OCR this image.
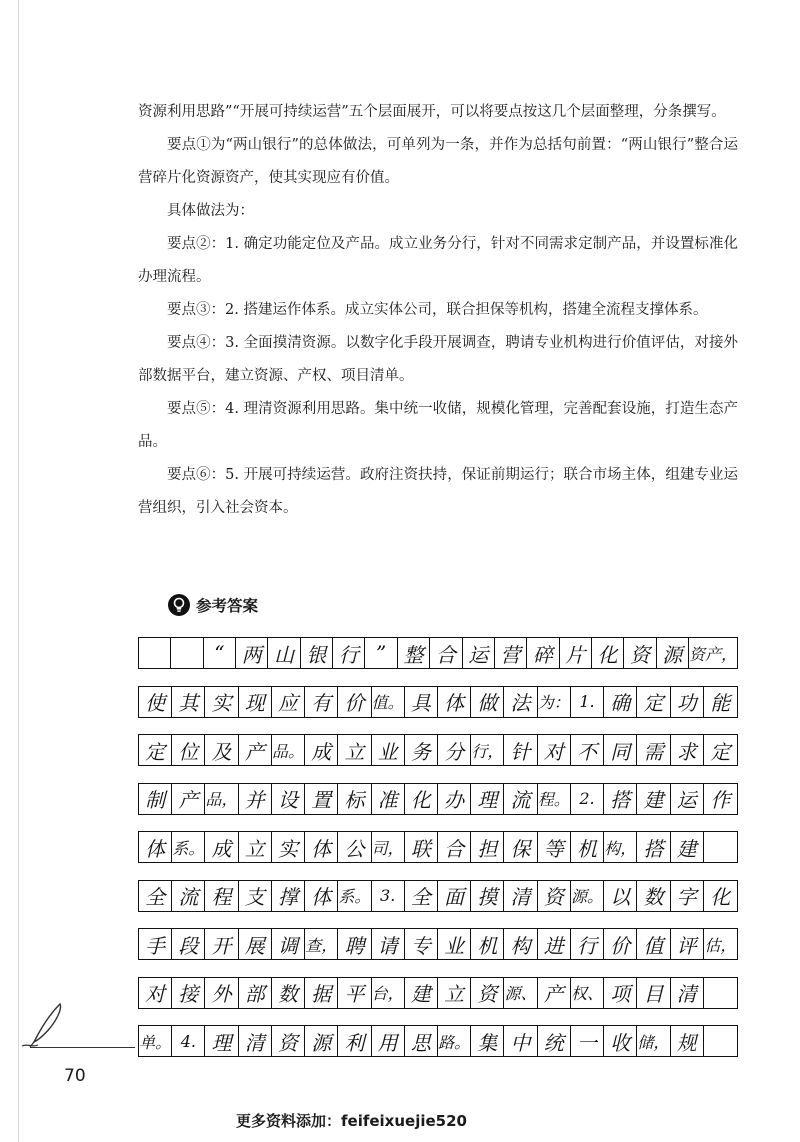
资源利用思路”“开展可持续运营”五个层面展开，可以将要点按这几个层面整理，分条撰写。

要点①为“两山银行”的总体做法，可单列为一条，并作为总括句前置：“两山银行”整合运营碎片化资源资产，使其实现应有价值。

具体做法为：

要点②：1. 确定功能定位及产品。成立业务分行，针对不同需求定制产品，并设置标准化办理流程。

要点③：2. 搭建运作体系。成立实体公司，联合担保等机构，搭建全流程支撑体系。

要点④：3. 全面摸清资源。以数字化手段开展调查，聘请专业机构进行价值评估，对接外部数据平台，建立资源、产权、项目清单。

要点⑤：4. 理清资源利用思路。集中统一收储，规模化管理，完善配套设施，打造生态产品。

要点⑥：5. 开展可持续运营。政府注资扶持，保证前期运行；联合市场主体，组建专业运营组织，引入社会资本。

参考答案
“ 两 山 银 行 ” 整 合 运 营 碎 片 化 资 源 资产，
使 其 实 现 应 有 价 值。 具 体 做 法 为： 1. 确 定 功 能
定 位 及 产 品。 成 立 业 务 分 行， 针 对 不 同 需 求 定
制 产 品， 并 设 置 标 准 化 办 理 流 程。 2. 搭 建 运 作
体 系。 成 立 实 体 公 司， 联 合 担 保 等 机 构， 搭 建
全 流 程 支 撑 体 系。 3. 全 面 摸 清 资 源。 以 数 字 化
手 段 开 展 调 查， 聘 请 专 业 机 构 进 行 价 值 评 估，
对 接 外 部 数 据 平 台， 建 立 资 源、 产 权、 项 目 清
单。 4. 理 清 资 源 利 用 思 路。 集 中 统 一 收 储， 规
70
更多资料添加：feifeixuejie520
